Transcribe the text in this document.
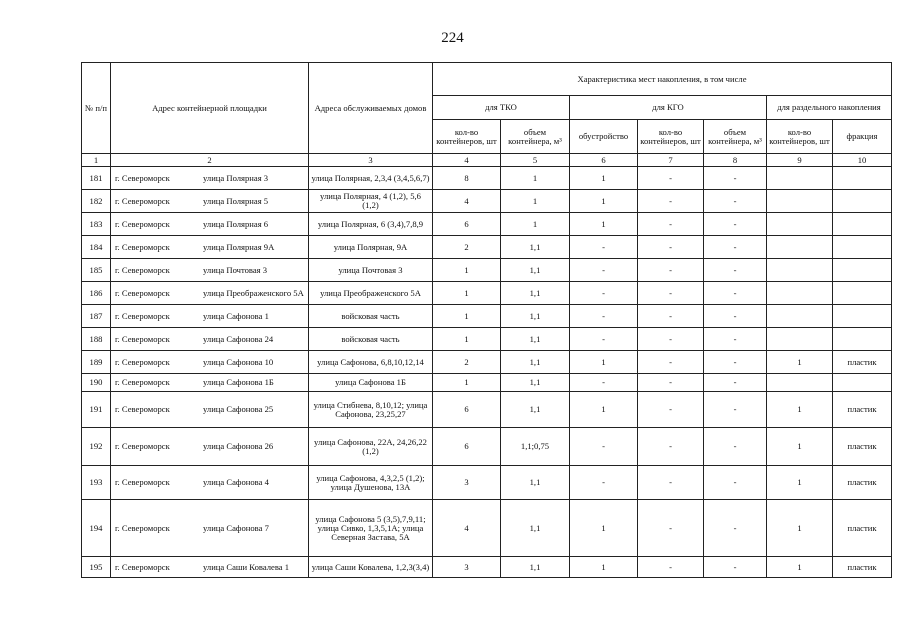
224
№ п/п	Адрес контейнерной площадки	Адреса обслуживаемых домов	Характеристика мест накопления, в том числе						
			для ТКО		для КГО			для раздельного накопления	
			кол-во контейнеров, шт	объем контейнера, м³	обустройство	кол-во контейнеров, шт	объем контейнера, м³	кол-во контейнеров, шт	фракция
1	2	3	4	5	6	7	8	9	10
181	г. Североморск улица Полярная 3	улица Полярная, 2,3,4 (3,4,5,6,7)	8	1	1	-	-		
182	г. Североморск улица Полярная 5	улица Полярная, 4 (1,2), 5,6 (1,2)	4	1	1	-	-		
183	г. Североморск улица Полярная 6	улица Полярная, 6 (3,4),7,8,9	6	1	1	-	-		
184	г. Североморск улица Полярная 9А	улица Полярная, 9А	2	1,1	-	-	-		
185	г. Североморск улица Почтовая 3	улица Почтовая 3	1	1,1	-	-	-		
186	г. Североморск улица Преображенского 5А	улица Преображенского 5А	1	1,1	-	-	-		
187	г. Североморск улица Сафонова 1	войсковая часть	1	1,1	-	-	-		
188	г. Североморск улица Сафонова 24	войсковая часть	1	1,1	-	-	-		
189	г. Североморск улица Сафонова 10	улица Сафонова, 6,8,10,12,14	2	1,1	1	-	-	1	пластик
190	г. Североморск улица Сафонова 1Б	улица Сафонова 1Б	1	1,1	-	-	-		
191	г. Североморск улица Сафонова 25	улица Стибнева, 8,10,12; улица Сафонова, 23,25,27	6	1,1	1	-	-	1	пластик
192	г. Североморск улица Сафонова 26	улица Сафонова, 22А, 24,26,22 (1,2)	6	1,1;0,75	-	-	-	1	пластик
193	г. Североморск улица Сафонова 4	улица Сафонова, 4,3,2,5 (1,2); улица Душенова, 13А	3	1,1	-	-	-	1	пластик
194	г. Североморск улица Сафонова 7	улица Сафонова 5 (3,5),7,9,11; улица Сивко, 1,3,5,1А; улица Северная Застава, 5А	4	1,1	1	-	-	1	пластик
195	г. Североморск улица Саши Ковалева 1	улица Саши Ковалева, 1,2,3(3,4)	3	1,1	1	-	-	1	пластик
